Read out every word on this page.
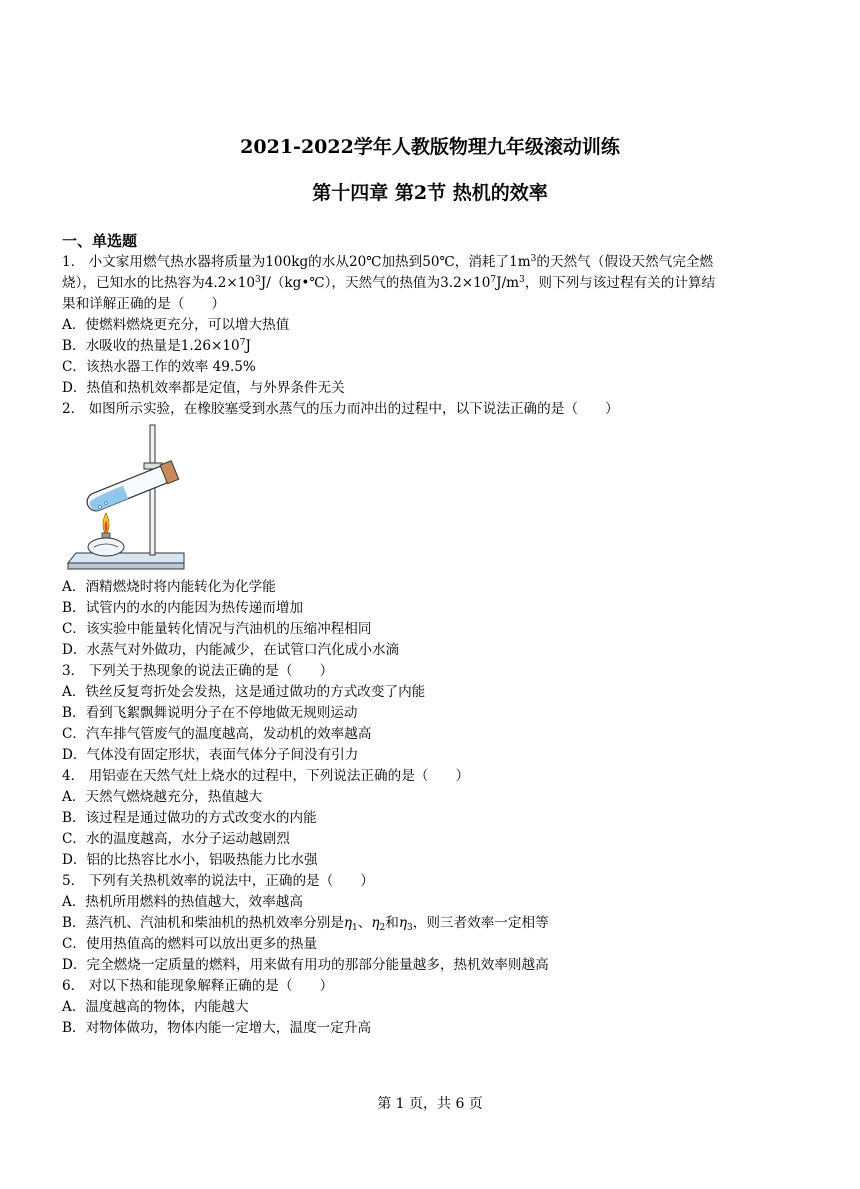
2021-2022学年人教版物理九年级滚动训练
第十四章 第2节 热机的效率
一、单选题
1． 小文家用燃气热水器将质量为100kg的水从20℃加热到50℃，消耗了$1m^3$的天然气（假设天然气完全燃
烧），已知水的比热容为$4.2\times 10^3J/(kg•℃)$，天然气的热值为$3.2\times 10^7J/m^3$，则下列与该过程有关的计算结
果和详解正确的是（　　）
A．使燃料燃烧更充分，可以增大热值
B．水吸收的热量是$1.26\times 10^7J$
C．该热水器工作的效率 49.5%
D．热值和热机效率都是定值，与外界条件无关
2． 如图所示实验，在橡胶塞受到水蒸气的压力而冲出的过程中，以下说法正确的是（　　）
A．酒精燃烧时将内能转化为化学能
B．试管内的水的内能因为热传递而增加
C．该实验中能量转化情况与汽油机的压缩冲程相同
D．水蒸气对外做功，内能减少，在试管口汽化成小水滴
3． 下列关于热现象的说法正确的是（　　）
A．铁丝反复弯折处会发热，这是通过做功的方式改变了内能
B．看到飞絮飘舞说明分子在不停地做无规则运动
C．汽车排气管废气的温度越高，发动机的效率越高
D．气体没有固定形状，表面气体分子间没有引力
4． 用铝壶在天然气灶上烧水的过程中，下列说法正确的是（　　）
A．天然气燃烧越充分，热值越大
B．该过程是通过做功的方式改变水的内能
C．水的温度越高，水分子运动越剧烈
D．铝的比热容比水小，铝吸热能力比水强
5． 下列有关热机效率的说法中，正确的是（　　）
A．热机所用燃料的热值越大，效率越高
B．蒸汽机、汽油机和柴油机的热机效率分别是$\eta_1$、$\eta_2$和$\eta_3$，则三者效率一定相等
C．使用热值高的燃料可以放出更多的热量
D．完全燃烧一定质量的燃料，用来做有用功的那部分能量越多，热机效率则越高
6． 对以下热和能现象解释正确的是（　　）
A．温度越高的物体，内能越大
B．对物体做功，物体内能一定增大，温度一定升高
第 1 页，共 6 页
